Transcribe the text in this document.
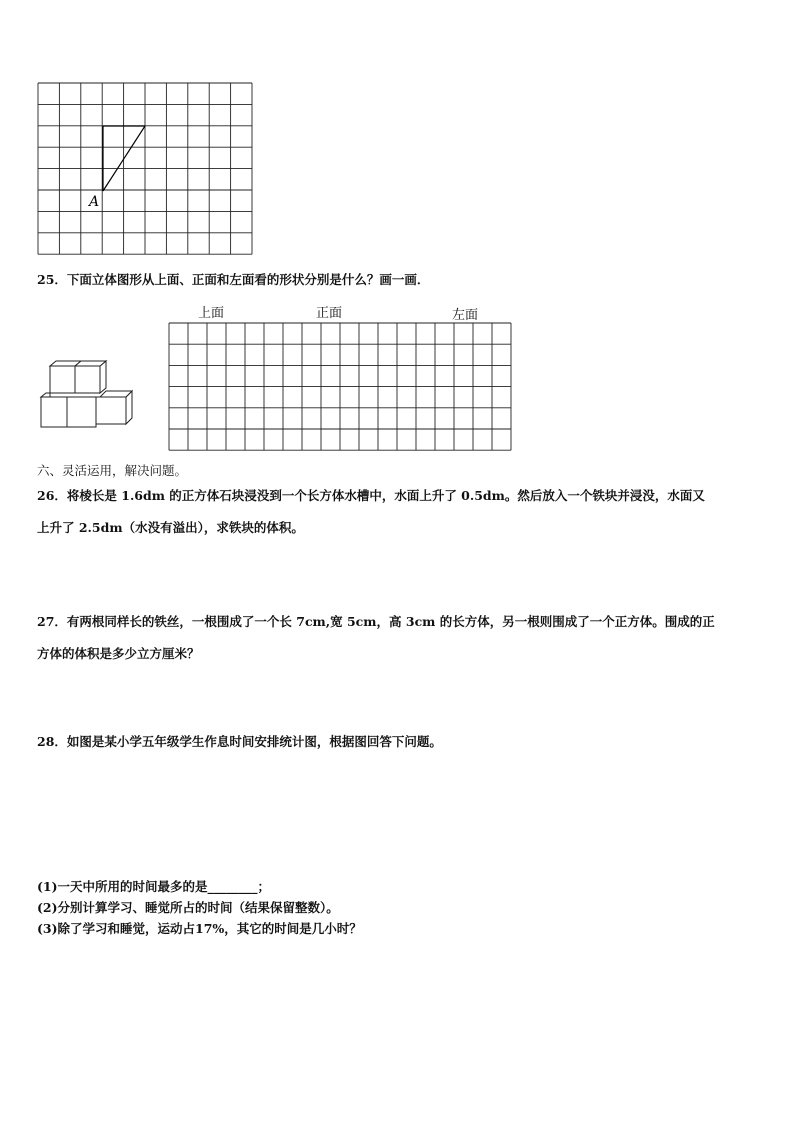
A
25．下面立体图形从上面、正面和左面看的形状分别是什么？画一画．
上面	正面	左面
六、灵活运用，解决问题。
26．将棱长是 1.6dm 的正方体石块浸没到一个长方体水槽中，水面上升了 0.5dm。然后放入一个铁块并浸没，水面又
上升了 2.5dm（水没有溢出），求铁块的体积。
27．有两根同样长的铁丝，一根围成了一个长 7cm,宽 5cm，高 3cm 的长方体，另一根则围成了一个正方体。围成的正
方体的体积是多少立方厘米？
28．如图是某小学五年级学生作息时间安排统计图，根据图回答下问题。
(1)一天中所用的时间最多的是________；
(2)分别计算学习、睡觉所占的时间（结果保留整数）。
(3)除了学习和睡觉，运动占17%，其它的时间是几小时？
